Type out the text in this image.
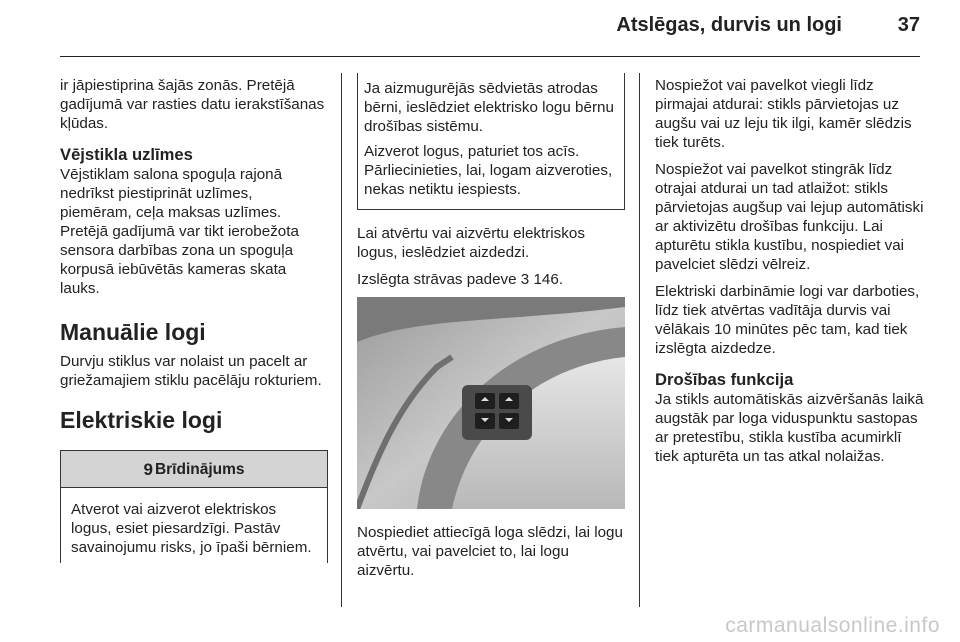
Atslēgas, durvis un logi	37

ir jāpiestiprina šajās zonās. Pretējā gadījumā var rasties datu ierakstīšanas kļūdas.

Vējstikla uzlīmes

Vējstiklam salona spoguļa rajonā nedrīkst piestiprināt uzlīmes, piemēram, ceļa maksas uzlīmes. Pretējā gadījumā var tikt ierobežota sensora darbības zona un spoguļa korpusā iebūvētās kameras skata lauks.

Manuālie logi

Durvju stiklus var nolaist un pacelt ar griežamajiem stiklu pacēlāju rokturiem.

Elektriskie logi
9 Brīdinājums
Atverot vai aizverot elektriskos logus, esiet piesardzīgi. Pastāv savainojumu risks, jo īpaši bērniem.

Ja aizmugurējās sēdvietās atrodas bērni, ieslēdziet elektrisko logu bērnu drošības sistēmu.

Aizverot logus, paturiet tos acīs. Pārliecinieties, lai, logam aizveroties, nekas netiktu iespiests.

Lai atvērtu vai aizvērtu elektriskos logus, ieslēdziet aizdedzi.

Izslēgta strāvas padeve 3 146.

Nospiediet attiecīgā loga slēdzi, lai logu atvērtu, vai pavelciet to, lai logu aizvērtu.

Nospiežot vai pavelkot viegli līdz pirmajai atdurai: stikls pārvietojas uz augšu vai uz leju tik ilgi, kamēr slēdzis tiek turēts.

Nospiežot vai pavelkot stingrāk līdz otrajai atdurai un tad atlaižot: stikls pārvietojas augšup vai lejup automātiski ar aktivizētu drošības funkciju. Lai apturētu stikla kustību, nospiediet vai pavelciet slēdzi vēlreiz.

Elektriski darbināmie logi var darboties, līdz tiek atvērtas vadītāja durvis vai vēlākais 10 minūtes pēc tam, kad tiek izslēgta aizdedze.

Drošības funkcija

Ja stikls automātiskās aizvēršanās laikā augstāk par loga viduspunktu sastopas ar pretestību, stikla kustība acumirklī tiek apturēta un tas atkal nolaižas.

carmanualsonline.info
